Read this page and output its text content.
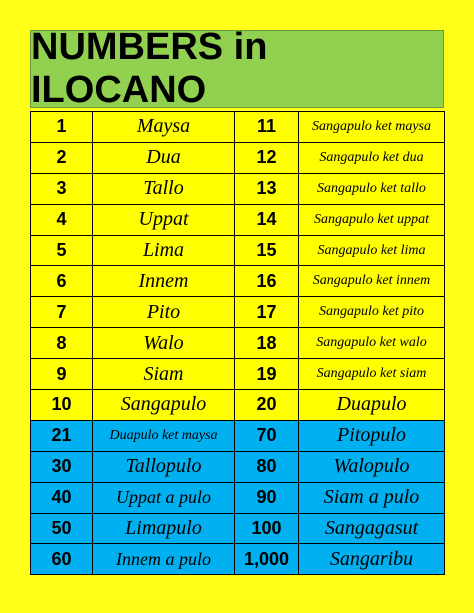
NUMBERS in ILOCANO
1	Maysa	11	Sangapulo ket maysa
2	Dua	12	Sangapulo ket dua
3	Tallo	13	Sangapulo ket tallo
4	Uppat	14	Sangapulo ket uppat
5	Lima	15	Sangapulo ket lima
6	Innem	16	Sangapulo ket innem
7	Pito	17	Sangapulo ket pito
8	Walo	18	Sangapulo ket walo
9	Siam	19	Sangapulo ket siam
10	Sangapulo	20	Duapulo
21	Duapulo ket maysa	70	Pitopulo
30	Tallopulo	80	Walopulo
40	Uppat a pulo	90	Siam a pulo
50	Limapulo	100	Sangagasut
60	Innem a pulo	1,000	Sangaribu
